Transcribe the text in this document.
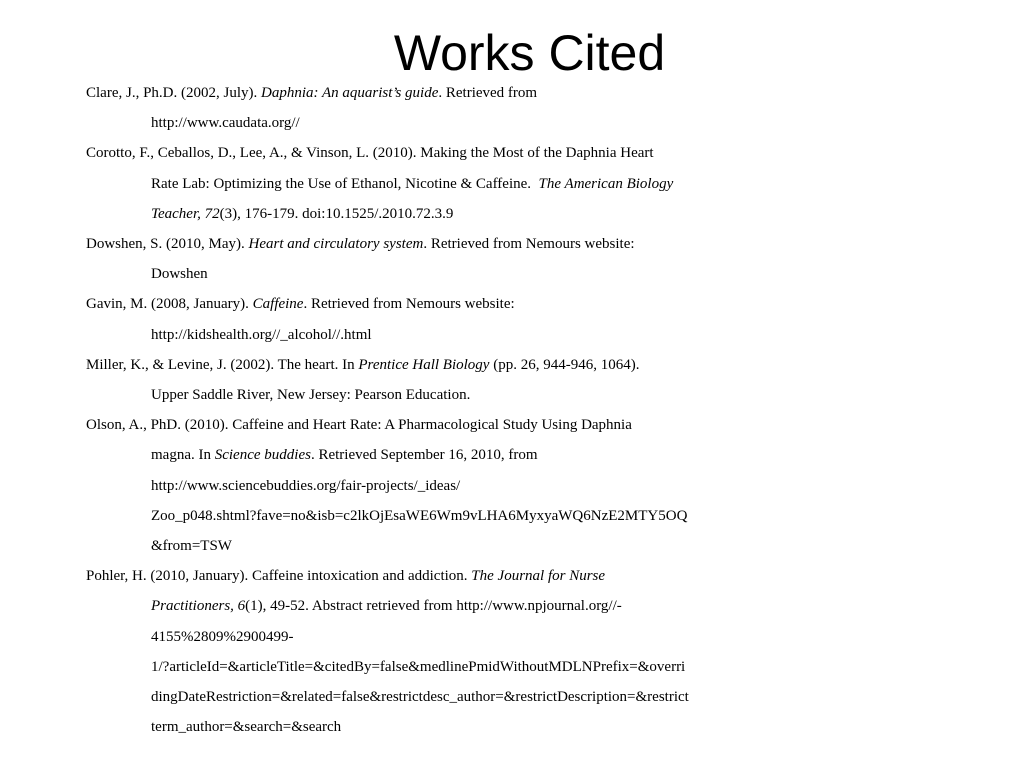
Works Cited

Clare, J., Ph.D. (2002, July). Daphnia: An aquarist’s guide. Retrieved from
http://www.caudata.org//

Corotto, F., Ceballos, D., Lee, A., & Vinson, L. (2010). Making the Most of the Daphnia Heart
Rate Lab: Optimizing the Use of Ethanol, Nicotine & Caffeine.  The American Biology
Teacher, 72(3), 176-179. doi:10.1525/.2010.72.3.9

Dowshen, S. (2010, May). Heart and circulatory system. Retrieved from Nemours website:
Dowshen

Gavin, M. (2008, January). Caffeine. Retrieved from Nemours website:
http://kidshealth.org//_alcohol//.html

Miller, K., & Levine, J. (2002). The heart. In Prentice Hall Biology (pp. 26, 944-946, 1064).
Upper Saddle River, New Jersey: Pearson Education.

Olson, A., PhD. (2010). Caffeine and Heart Rate: A Pharmacological Study Using Daphnia
magna. In Science buddies. Retrieved September 16, 2010, from
http://www.sciencebuddies.org/fair-projects/_ideas/
Zoo_p048.shtml?fave=no&isb=c2lkOjEsaWE6Wm9vLHA6MyxyaWQ6NzE2MTY5OQ
&from=TSW

Pohler, H. (2010, January). Caffeine intoxication and addiction. The Journal for Nurse
Practitioners, 6(1), 49-52. Abstract retrieved from http://www.npjournal.org//-
4155%2809%2900499-
1/?articleId=&articleTitle=&citedBy=false&medlinePmidWithoutMDLNPrefix=&overri
dingDateRestriction=&related=false&restrictdesc_author=&restrictDescription=&restrict
term_author=&search=&search
